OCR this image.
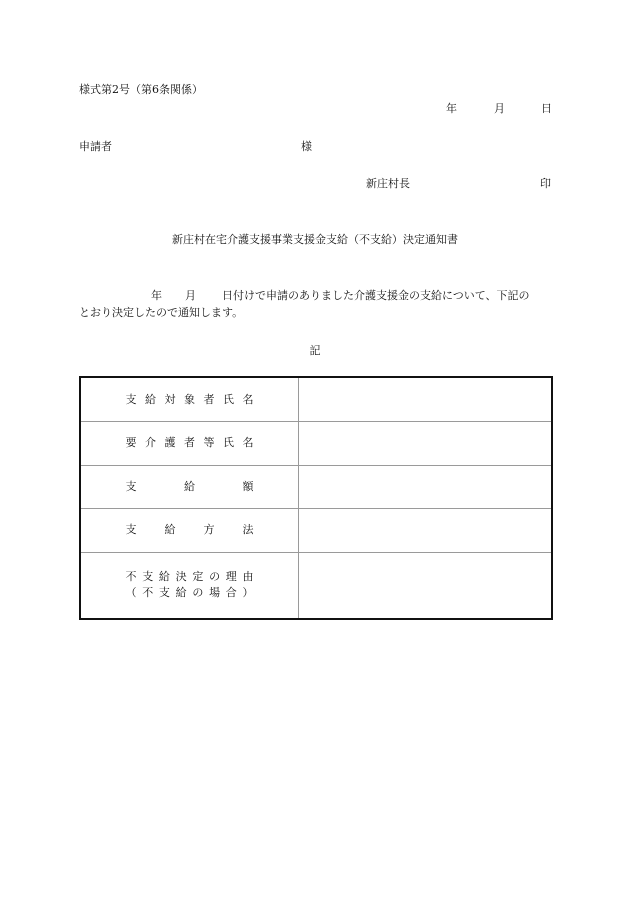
様式第2号（第6条関係）
年	月	日
申請者	様
新庄村長	印
新庄村在宅介護支援事業支援金支給（不支給）決定通知書
年 月 日付けで申請のありました介護支援金の支給について、下記の
とおり決定したので通知します。
記
支給対象者氏名	
要介護者等氏名	
支給額	
支給方法	
不支給決定の理由
（不支給の場合）	
